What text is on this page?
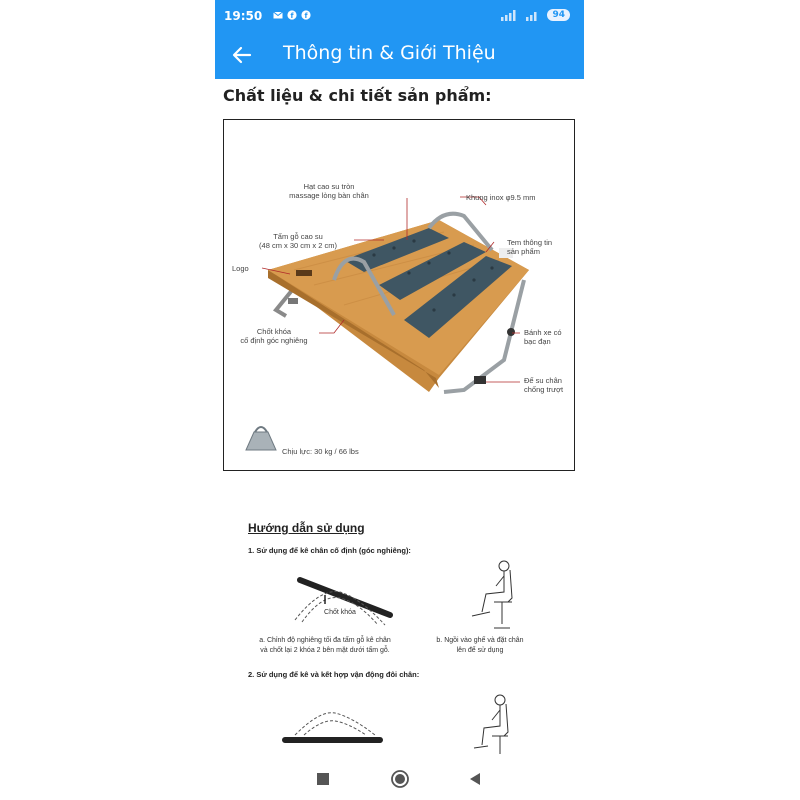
19:50	f f	94
Thông tin & Giới Thiệu
Chất liệu & chi tiết sản phẩm:
Hạt cao su tròn
massage lòng bàn chân	Khung inox φ9.5 mm
Tấm gỗ cao su
(48 cm x 30 cm x 2 cm)	Tem thông tin
sản phẩm
Logo
Chốt khóa
cố định góc nghiêng
Bánh xe có
bạc đạn
Đế su chân
chống trượt
Chịu lực: 30 kg / 66 lbs
Hướng dẫn sử dụng
1. Sử dụng để kê chân cố định (góc nghiêng):
Chốt khóa
a. Chỉnh độ nghiêng tối đa tấm gỗ kê chân
và chốt lại 2 khóa 2 bên mặt dưới tấm gỗ.
b. Ngồi vào ghế và đặt chân
lên để sử dụng
2. Sử dụng để kê và kết hợp vận động đôi chân:
